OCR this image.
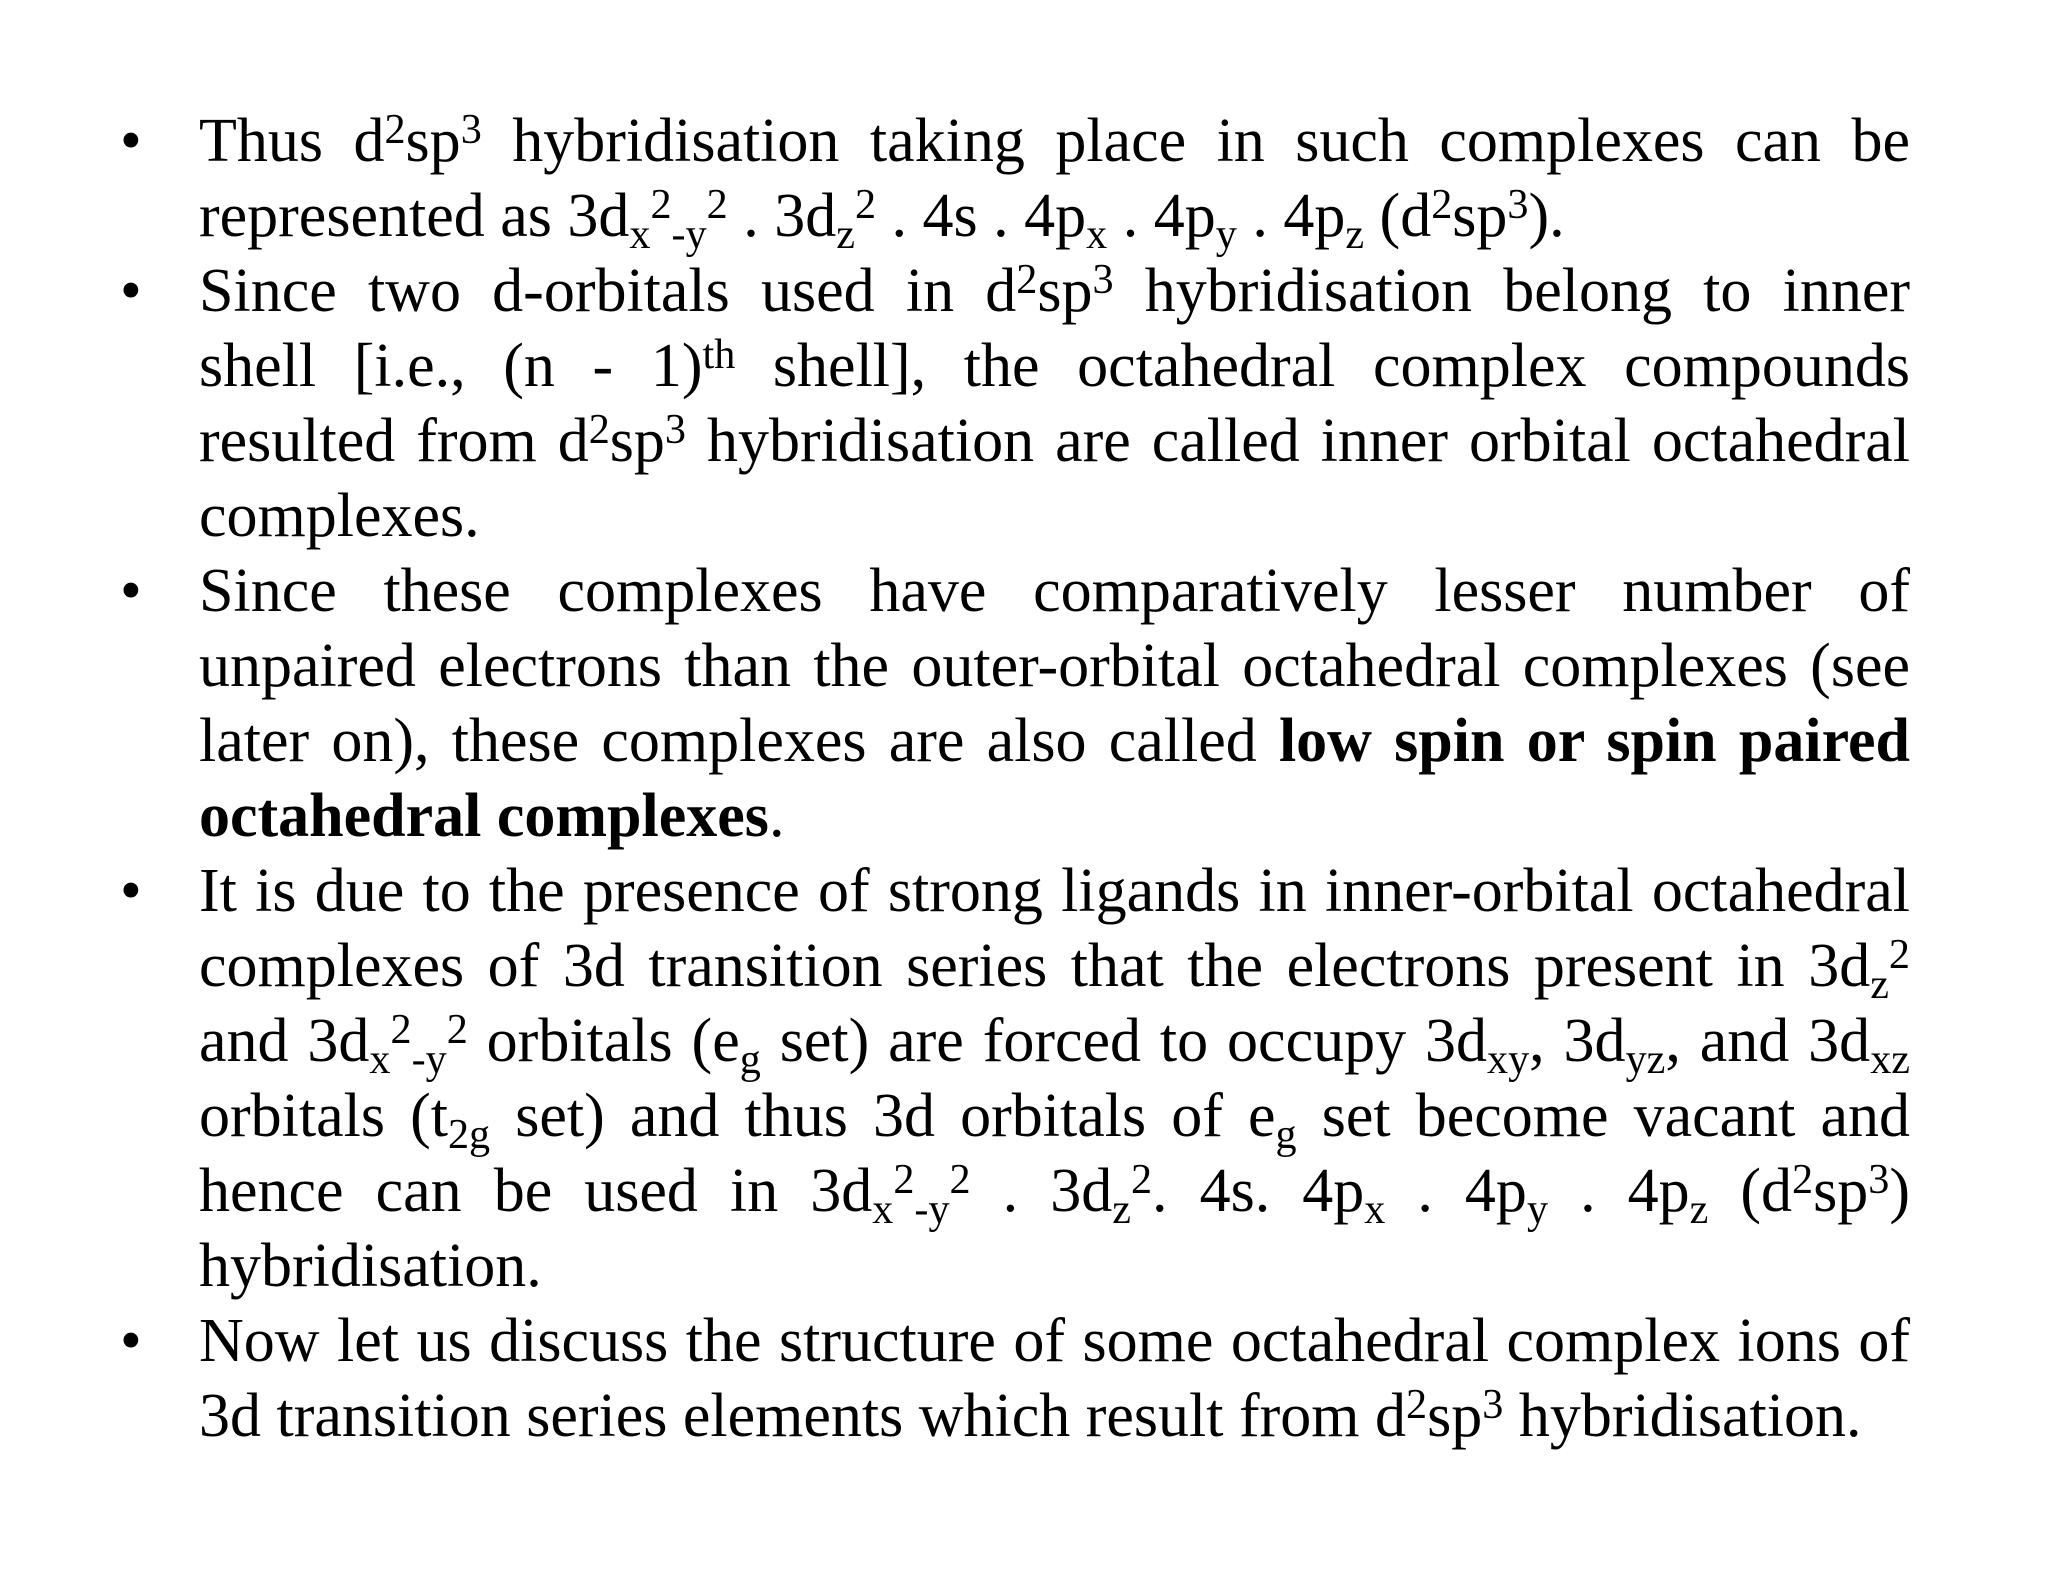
• Thus $d^2sp^3$ hybridisation taking place in such complexes can be
represented as $3d_x^2_{-y}^2$ . $3d_z^2$ . 4s . $4p_x$ . $4p_y$ . $4p_z$ $(d^2sp^3)$.
• Since two d-orbitals used in $d^2sp^3$ hybridisation belong to inner
shell [i.e., (n - 1)$^{th}$ shell], the octahedral complex compounds
resulted from $d^2sp^3$ hybridisation are called inner orbital octahedral
complexes.
• Since these complexes have comparatively lesser number of
unpaired electrons than the outer-orbital octahedral complexes (see
later on), these complexes are also called low spin or spin paired
octahedral complexes.
• It is due to the presence of strong ligands in inner-orbital octahedral
complexes of 3d transition series that the electrons present in $3d_z^2$
and $3d_x^2_{-y}^2$ orbitals ($e_g$ set) are forced to occupy $3d_{xy}$, $3d_{yz}$, and $3d_{xz}$
orbitals ($t_{2g}$ set) and thus 3d orbitals of $e_g$ set become vacant and
hence can be used in $3d_x^2_{-y}^2$ . $3d_z^2$. 4s. $4p_x$ . $4p_y$ . $4p_z$ $(d^2sp^3)$
hybridisation.
• Now let us discuss the structure of some octahedral complex ions of
3d transition series elements which result from $d^2sp^3$ hybridisation.
